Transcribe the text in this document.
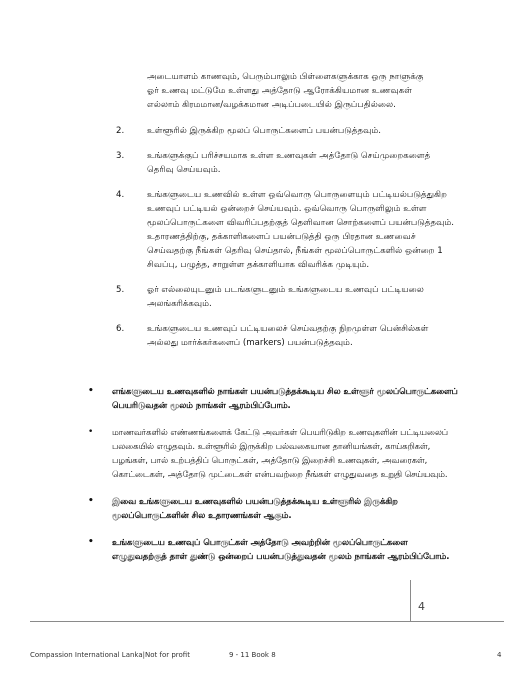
அடையாளம் காணவும், பெரும்பாலும் பிள்ளைகளுக்காக ஒரு நாளுக்கு
ஓர் உணவு மட்டுமே உள்ளது அத்தோடு ஆரோக்கியமான உணவுகள்
எல்லாம் கிரமமான/வழக்கமான அடிப்படையில் இருப்பதில்லை.
2.	உள்ளூரில் இருக்கிற மூலப் பொருட்களைப் பயன்படுத்தவும்.
3.	உங்களுக்குப் பரிச்சயமாக உள்ள உணவுகள் அத்தோடு செய்முறைகளைத் தெரிவு செய்யவும்.
4.	உங்களுடைய உணவில் உள்ள ஒவ்வொரு பொருளையும் பட்டியல்படுத்துகிற உணவுப் பட்டியல் ஒன்றைச் செய்யவும். ஒவ்வொரு பொருளிலும் உள்ள மூலப்பொருட்களை விவரிப்பதற்குத் தெளிவான சொற்களைப் பயன்படுத்தவும். உதாரணத்திற்கு, தக்காளிகளைப் பயன்படுத்தி ஒரு பிரதான உணவைச் செய்வதற்கு நீங்கள் தெரிவு செய்தால், நீங்கள் மூலப்பொருட்களில் ஒன்றை 1 சிவப்பு, பழுத்த, சாறுள்ள தக்காளியாக விவரிக்க முடியும்.
5.	ஓர் எல்லையுடனும் படங்களுடனும் உங்களுடைய உணவுப் பட்டியலை அலங்கரிக்கவும்.
6.	உங்களுடைய உணவுப் பட்டியலைச் செய்வதற்கு நிறமுள்ள பென்சில்கள் அல்லது மார்க்கர்களைப் (markers) பயன்படுத்தவும்.
•	எங்களுடைய உணவுகளில் நாங்கள் பயன்படுத்தக்கூடிய சில உள்ளூர் மூலப்பொருட்களைப் பெயரிடுவதன் மூலம் நாங்கள் ஆரம்பிப்போம்.
•	மாணவர்களில் எண்ணங்களைக் கேட்டு அவர்கள் பெயரிடுகிற உணவுகளின் பட்டியலைப் பலகையில் எழுதவும். உள்ளூரில் இருக்கிற பல்வகையான தானியங்கள், காய்கறிகள், பழங்கள், பால் உற்பத்திப் பொருட்கள், அத்தோடு இறைச்சி உணவுகள், அவரைகள், கொட்டைகள், அத்தோடு முட்டைகள் என்பவற்றை நீங்கள் எழுதுவதை உறுதி செய்யவும்.
•	இவை உங்களுடைய உணவுகளில் பயன்படுத்தக்கூடிய உள்ளூரில் இருக்கிற மூலப்பொருட்களின் சில உதாரணங்கள் ஆகும்.
•	உங்களுடைய உணவுப் பொருட்கள் அத்தோடு அவற்றின் மூலப்பொருட்களை எழுதுவதற்குத் தாள் துண்டு ஒன்றைப் பயன்படுத்துவதன் மூலம் நாங்கள் ஆரம்பிப்போம்.
4
Compassion International Lanka|Not for profit	9 - 11 Book 8	4
